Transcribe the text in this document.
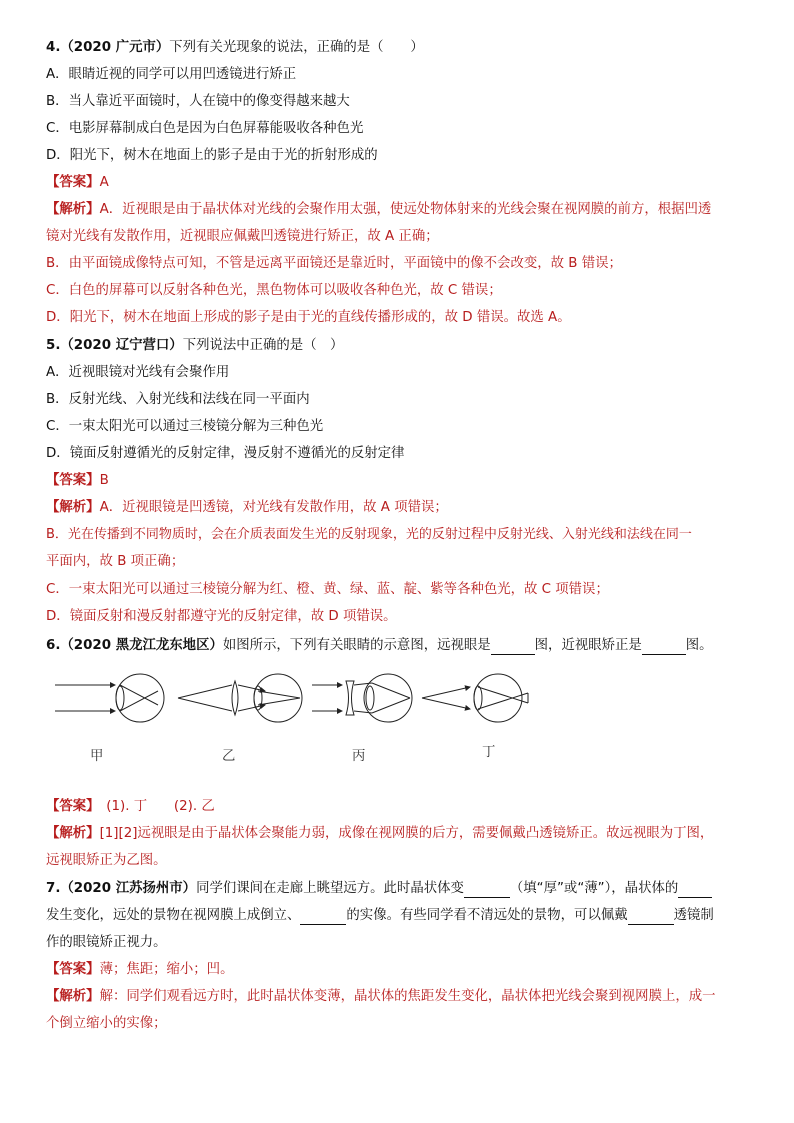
4.（2020 广元市）下列有关光现象的说法，正确的是（　　）
A．眼睛近视的同学可以用凹透镜进行矫正
B．当人靠近平面镜时，人在镜中的像变得越来越大
C．电影屏幕制成白色是因为白色屏幕能吸收各种色光
D．阳光下，树木在地面上的影子是由于光的折射形成的
【答案】A
【解析】A．近视眼是由于晶状体对光线的会聚作用太强，使远处物体射来的光线会聚在视网膜的前方，根据凹透
镜对光线有发散作用，近视眼应佩戴凹透镜进行矫正，故 A 正确；
B．由平面镜成像特点可知，不管是远离平面镜还是靠近时，平面镜中的像不会改变，故 B 错误；
C．白色的屏幕可以反射各种色光，黑色物体可以吸收各种色光，故 C 错误；
D．阳光下，树木在地面上形成的影子是由于光的直线传播形成的，故 D 错误。故选 A。
5.（2020 辽宁营口）下列说法中正确的是（　）
A．近视眼镜对光线有会聚作用
B．反射光线、入射光线和法线在同一平面内
C．一束太阳光可以通过三棱镜分解为三种色光
D．镜面反射遵循光的反射定律，漫反射不遵循光的反射定律
【答案】B
【解析】A．近视眼镜是凹透镜，对光线有发散作用，故 A 项错误；
B．光在传播到不同物质时，会在介质表面发生光的反射现象，光的反射过程中反射光线、入射光线和法线在同一
平面内，故 B 项正确；
C．一束太阳光可以通过三棱镜分解为红、橙、黄、绿、蓝、靛、紫等各种色光，故 C 项错误；
D．镜面反射和漫反射都遵守光的反射定律，故 D 项错误。
6.（2020 黑龙江龙东地区）如图所示，下列有关眼睛的示意图，远视眼是	图，近视眼矫正是	图。
甲	乙	丙	丁
【答案】　(1). 丁　　(2). 乙
【解析】[1][2]远视眼是由于晶状体会聚能力弱，成像在视网膜的后方，需要佩戴凸透镜矫正。故远视眼为丁图，
远视眼矫正为乙图。
7.（2020 江苏扬州市）同学们课间在走廊上眺望远方。此时晶状体变	（填“厚”或“薄”），晶状体的
发生变化，远处的景物在视网膜上成倒立、	的实像。有些同学看不清远处的景物，可以佩戴	透镜制
作的眼镜矫正视力。
【答案】薄；焦距；缩小；凹。
【解析】解：同学们观看远方时，此时晶状体变薄，晶状体的焦距发生变化，晶状体把光线会聚到视网膜上，成一
个倒立缩小的实像；
